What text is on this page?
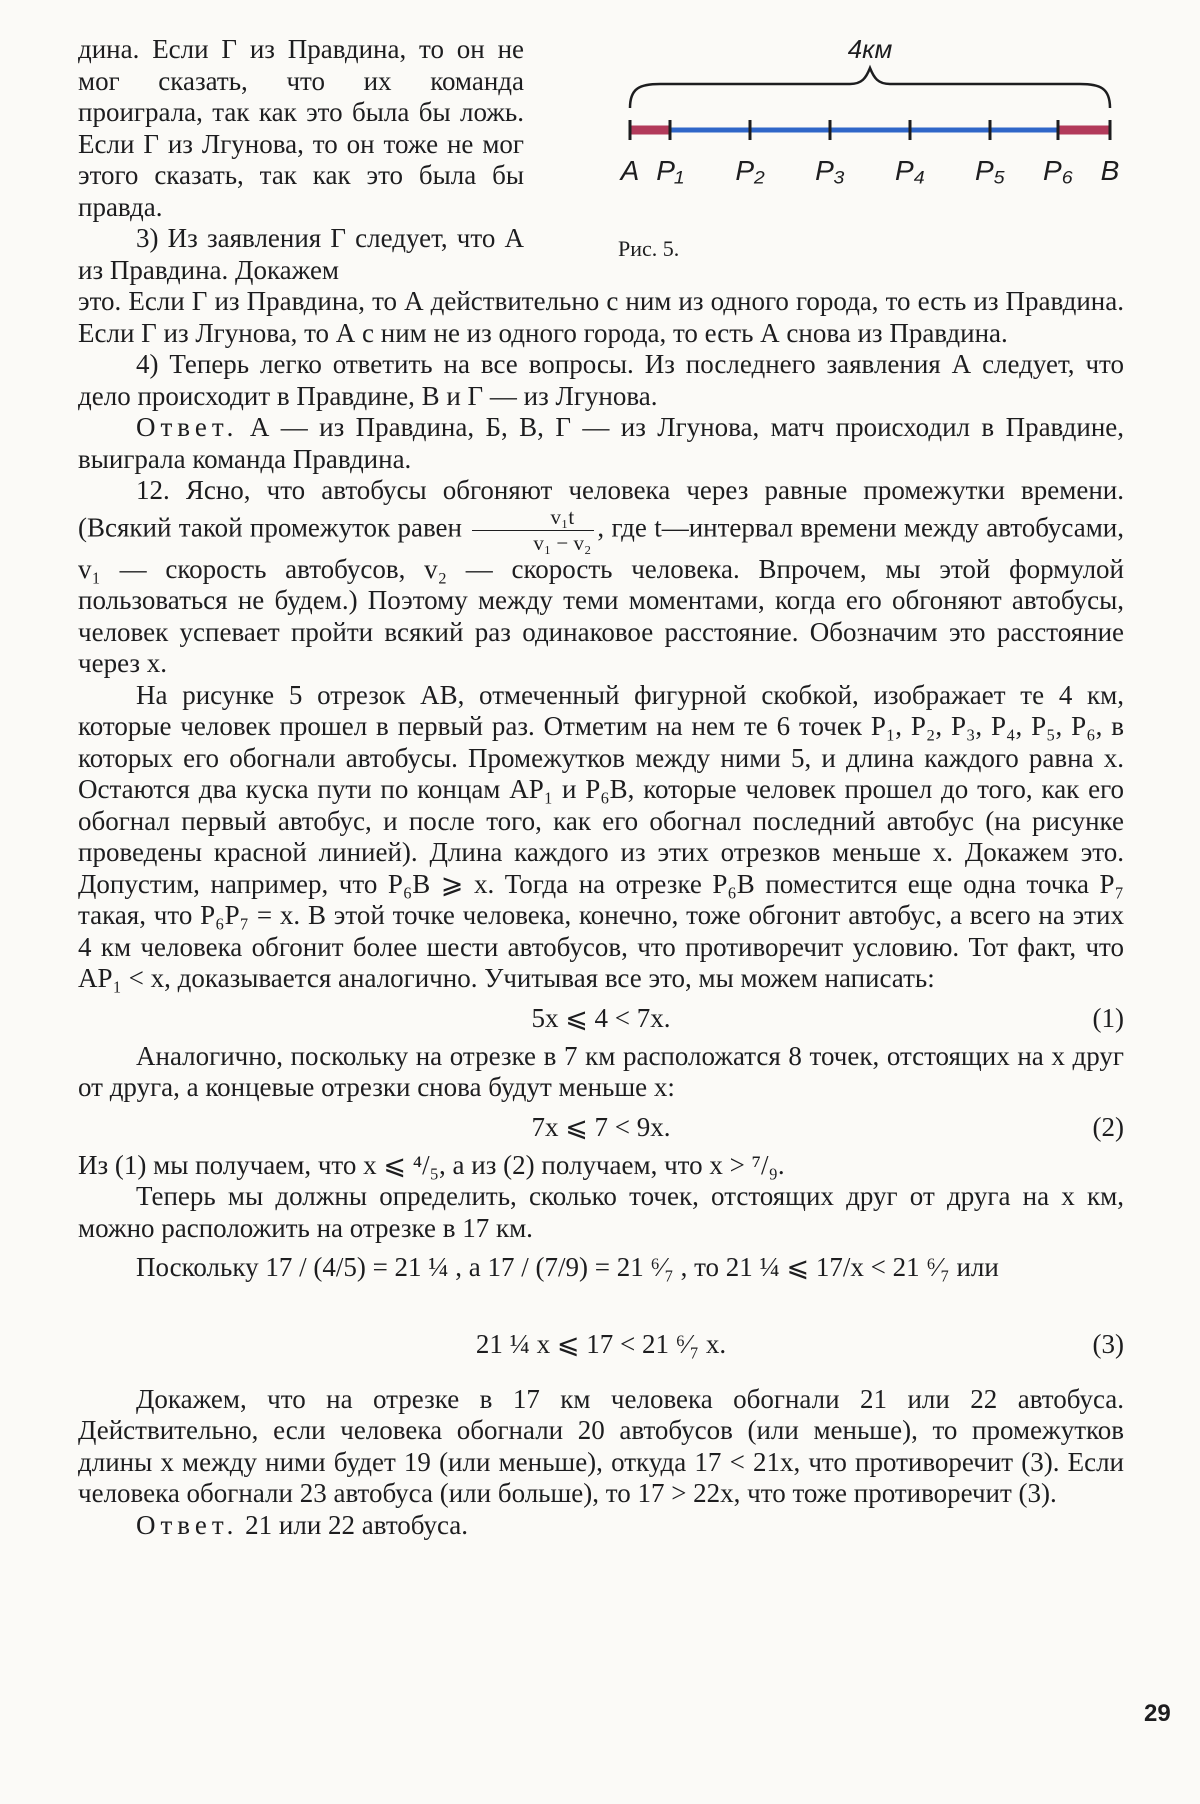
4км
A P₁ P₂ P₃ P₄ P₅ P₆ B
Рис. 5.

дина. Если Г из Правдина, то он не мог сказать, что их команда проиграла, так как это была бы ложь. Если Г из Лгунова, то он тоже не мог этого сказать, так как это была бы правда.

3) Из заявления Г следует, что А из Правдина. Докажем

это. Если Г из Правдина, то А действительно с ним из одного города, то есть из Правдина. Если Г из Лгунова, то А с ним не из одного города, то есть А снова из Правдина.

4) Теперь легко ответить на все вопросы. Из последнего заявления А следует, что дело происходит в Правдине, В и Г — из Лгунова.

Ответ. А — из Правдина, Б, В, Г — из Лгунова, матч происходил в Правдине, выиграла команда Правдина.

12. Ясно, что автобусы обгоняют человека через равные промежутки времени. (Всякий такой промежуток равен $\frac{\text{v₁t}}{\text{v₁ − v₂}}$ , где t—интервал времени между автобусами, v₁ — скорость автобусов, v₂ — скорость человека. Впрочем, мы этой формулой пользоваться не будем.) Поэтому между теми моментами, когда его обгоняют автобусы, человек успевает пройти всякий раз одинаковое расстояние. Обозначим это расстояние через x.

На рисунке 5 отрезок AB, отмеченный фигурной скобкой, изображает те 4 км, которые человек прошел в первый раз. Отметим на нем те 6 точек P₁, P₂, P₃, P₄, P₅, P₆, в которых его обогнали автобусы. Промежутков между ними 5, и длина каждого равна x. Остаются два куска пути по концам AP₁ и P₆B, которые человек прошел до того, как его обогнал первый автобус, и после того, как его обогнал последний автобус (на рисунке проведены красной линией). Длина каждого из этих отрезков меньше x. Докажем это. Допустим, например, что P₆B ⩾ x. Тогда на отрезке P₆B поместится еще одна точка P₇ такая, что P₆P₇ = x. В этой точке человека, конечно, тоже обгонит автобус, а всего на этих 4 км человека обгонит более шести автобусов, что противоречит условию. Тот факт, что AP₁ < x, доказывается аналогично. Учитывая все это, мы можем написать:

5x ⩽ 4 < 7x.	(1)

Аналогично, поскольку на отрезке в 7 км расположатся 8 точек, отстоящих на x друг от друга, а концевые отрезки снова будут меньше x:

7x ⩽ 7 < 9x.	(2)

Из (1) мы получаем, что x ⩽ ⁴/₅, а из (2) получаем, что x > ⁷/₉.

Теперь мы должны определить, сколько точек, отстоящих друг от друга на x км, можно расположить на отрезке в 17 км.

Поскольку 17 / (4/5) = 21 ¼ , а 17 / (7/9) = 21 ⁶⁄₇ , то 21 ¼ ⩽ 17/x < 21 ⁶⁄₇ или

21 ¼ x ⩽ 17 < 21 ⁶⁄₇ x.	(3)

Докажем, что на отрезке в 17 км человека обогнали 21 или 22 автобуса. Действительно, если человека обогнали 20 автобусов (или меньше), то промежутков длины x между ними будет 19 (или меньше), откуда 17 < 21x, что противоречит (3). Если человека обогнали 23 автобуса (или больше), то 17 > 22x, что тоже противоречит (3).

Ответ. 21 или 22 автобуса.

29
